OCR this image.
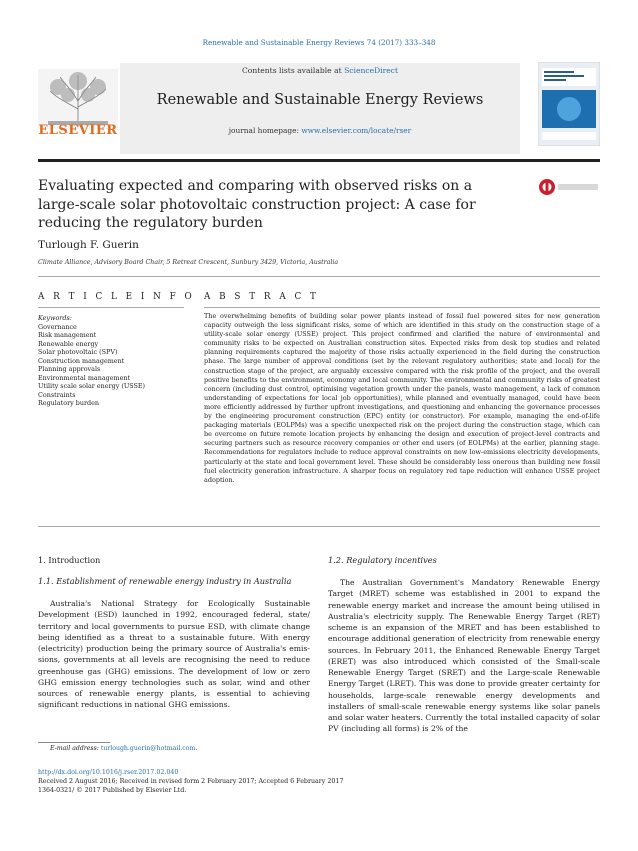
Renewable and Sustainable Energy Reviews 74 (2017) 333–348
Contents lists available at ScienceDirect
Renewable and Sustainable Energy Reviews
journal homepage: www.elsevier.com/locate/rser
ELSEVIER
Evaluating expected and comparing with observed risks on a large-scale solar photovoltaic construction project: A case for reducing the regulatory burden
Turlough F. Guerin
Climate Alliance, Advisory Board Chair, 5 Retreat Crescent, Sunbury 3429, Victoria, Australia
A R T I C L E I N F O A B S T R A C T
Keywords:
Governance
Risk management
Renewable energy
Solar photovoltaic (SPV)
Construction management
Planning approvals
Environmental management
Utility scale solar energy (USSE)
Constraints
Regulatory burden
The overwhelming benefits of building solar power plants instead of fossil fuel powered sites for new generation capacity outweigh the less significant risks, some of which are identified in this study on the construction stage of a utility-scale solar energy (USSE) project. This project confirmed and clarified the nature of environmental and community risks to be expected on Australian construction sites. Expected risks from desk top studies and related planning requirements captured the majority of those risks actually experienced in the field during the construction phase. The large number of approval conditions (set by the relevant regulatory authorities; state and local) for the construction stage of the project, are arguably excessive compared with the risk profile of the project, and the overall positive benefits to the environment, economy and local community. The environmental and community risks of greatest concern (including dust control, optimising vegetation growth under the panels, waste management, a lack of common understanding of expectations for local job opportunities), while planned and eventually managed, could have been more efficiently addressed by further upfront investigations, and questioning and enhancing the governance processes by the engineering procurement construction (EPC) entity (or constructor). For example, managing the end-of-life packaging materials (EOLPMs) was a specific unexpected risk on the project during the construction stage, which can be overcome on future remote location projects by enhancing the design and execution of project-level contracts and securing partners such as resource recovery companies or other end users (of EOLPMs) at the earlier, planning stage. Recommendations for regulators include to reduce approval constraints on new low-emissions electricity developments, particularly at the state and local government level. These should be considerably less onerous than building new fossil fuel electricity generation infrastructure. A sharper focus on regulatory red tape reduction will enhance USSE project adoption.
1. Introduction
1.1. Establishment of renewable energy industry in Australia

Australia's National Strategy for Ecologically Sustainable Development (ESD) launched in 1992, encouraged federal, state/ territory and local governments to pursue ESD, with climate change being identified as a threat to a sustainable future. With energy (electricity) production being the primary source of Australia's emis- sions, governments at all levels are recognising the need to reduce greenhouse gas (GHG) emissions. The development of low or zero GHG emission energy technologies such as solar, wind and other sources of renewable energy plants, is essential to achieving significant reductions in national GHG emissions.

1.2. Regulatory incentives

The Australian Government's Mandatory Renewable Energy Target (MRET) scheme was established in 2001 to expand the renewable energy market and increase the amount being utilised in Australia's electricity supply. The Renewable Energy Target (RET) scheme is an expansion of the MRET and has been established to encourage additional generation of electricity from renewable energy sources. In February 2011, the Enhanced Renewable Energy Target (ERET) was also introduced which consisted of the Small-scale Renewable Energy Target (SRET) and the Large-scale Renewable Energy Target (LRET). This was done to provide greater certainty for households, large-scale renewable energy developments and installers of small-scale renewable energy systems like solar panels and solar water heaters. Currently the total installed capacity of solar PV (including all forms) is 2% of the

E-mail address: turlough.guerin@hotmail.com.
http://dx.doi.org/10.1016/j.rser.2017.02.040
Received 2 August 2016; Received in revised form 2 February 2017; Accepted 6 February 2017
1364-0321/ © 2017 Published by Elsevier Ltd.
